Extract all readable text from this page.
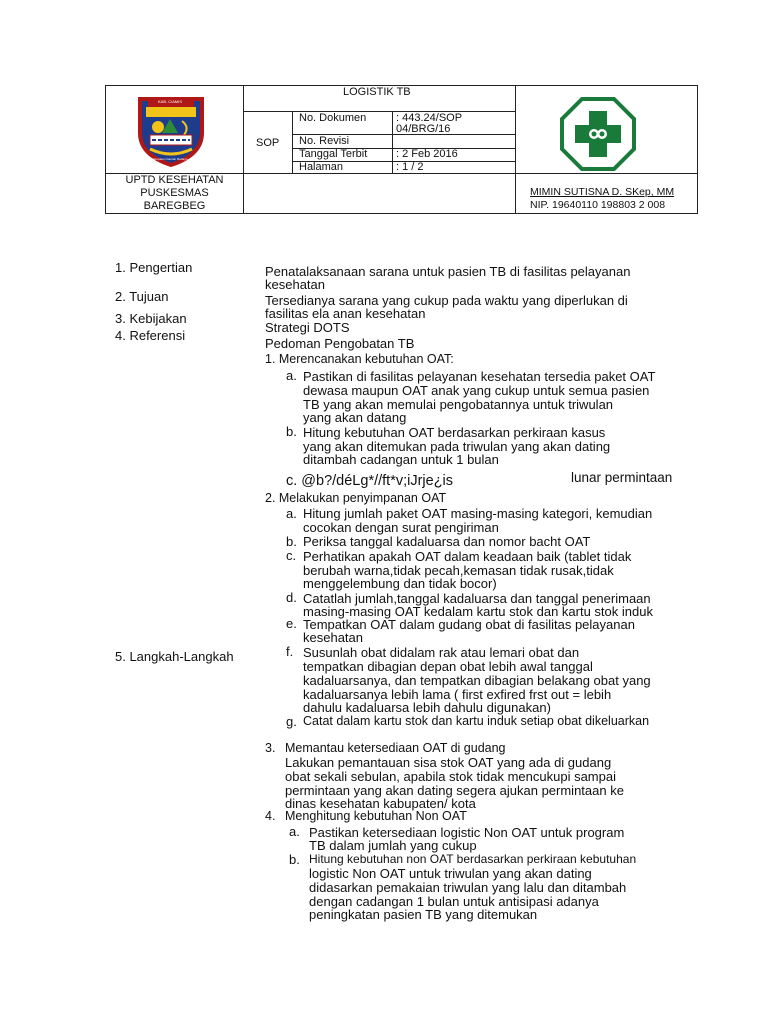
KAB. CIAMIS
Kabupaten Gantan Rahayu
LOGISTIK TB
SOP
No. Dokumen	: 443.24/SOP 04/BRG/16
No. Revisi
Tanggal Terbit	: 2 Feb 2016
Halaman	: 1 / 2
UPTD KESEHATAN
PUSKESMAS
BAREGBEG
MIMIN SUTISNA D. SKep, MM
NIP. 19640110 198803 2 008
1. Pengertian
2. Tujuan
3. Kebijakan
4. Referensi
5. Langkah-Langkah
Penatalaksanaan sarana untuk pasien TB di fasilitas pelayanan
kesehatan
Tersedianya sarana yang cukup pada waktu yang diperlukan di
fasilitas ela anan kesehatan
Strategi DOTS
Pedoman Pengobatan TB
1. Merencanakan kebutuhan OAT:
a. Pastikan di fasilitas pelayanan kesehatan tersedia paket OAT
dewasa maupun OAT anak yang cukup untuk semua pasien
TB yang akan memulai pengobatannya untuk triwulan
yang akan datang
b. Hitung kebutuhan OAT berdasarkan perkiraan kasus
yang akan ditemukan pada triwulan yang akan dating
ditambah cadangan untuk 1 bulan
c. @b?/déLg*//ft*v;iJrje¿is	lunar permintaan
2. Melakukan penyimpanan OAT
a. Hitung jumlah paket OAT masing-masing kategori, kemudian
cocokan dengan surat pengiriman
b. Periksa tanggal kadaluarsa dan nomor bacht OAT
c. Perhatikan apakah OAT dalam keadaan baik (tablet tidak
berubah warna,tidak pecah,kemasan tidak rusak,tidak
menggelembung dan tidak bocor)
d. Catatlah jumlah,tanggal kadaluarsa dan tanggal penerimaan
masing-masing OAT kedalam kartu stok dan kartu stok induk
e. Tempatkan OAT dalam gudang obat di fasilitas pelayanan
kesehatan
f. Susunlah obat didalam rak atau lemari obat dan
tempatkan dibagian depan obat lebih awal tanggal
kadaluarsanya, dan tempatkan dibagian belakang obat yang
kadaluarsanya lebih lama ( first exfired frst out = lebih
dahulu kadaluarsa lebih dahulu digunakan)
g. Catat dalam kartu stok dan kartu induk setiap obat dikeluarkan
3. Memantau ketersediaan OAT di gudang
Lakukan pemantauan sisa stok OAT yang ada di gudang
obat sekali sebulan, apabila stok tidak mencukupi sampai
permintaan yang akan dating segera ajukan permintaan ke
dinas kesehatan kabupaten/ kota
4. Menghitung kebutuhan Non OAT
a. Pastikan ketersediaan logistic Non OAT untuk program
TB dalam jumlah yang cukup
b. Hitung kebutuhan non OAT berdasarkan perkiraan kebutuhan
logistic Non OAT untuk triwulan yang akan dating
didasarkan pemakaian triwulan yang lalu dan ditambah
dengan cadangan 1 bulan untuk antisipasi adanya
peningkatan pasien TB yang ditemukan
